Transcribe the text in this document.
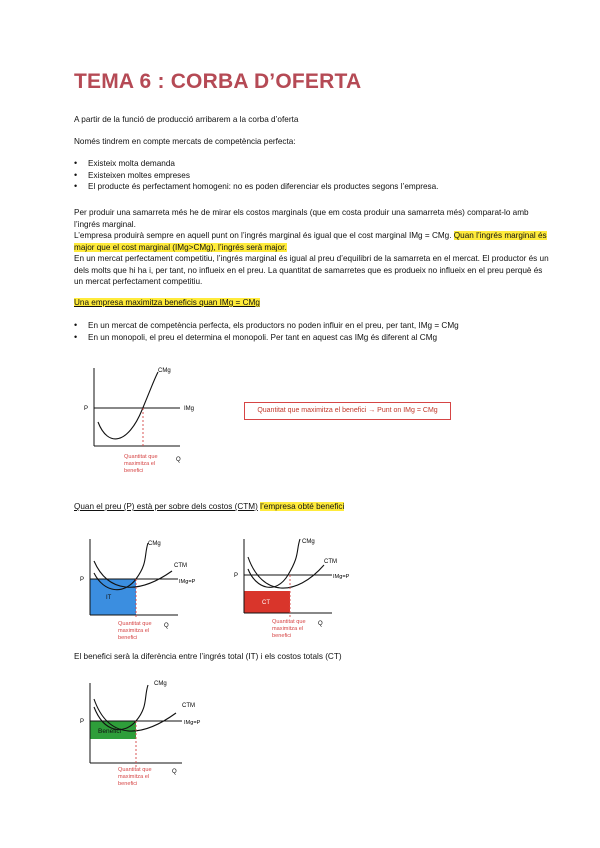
TEMA 6 : CORBA D’OFERTA
A partir de la funció de producció arribarem a la corba d’oferta
Només tindrem en compte mercats de competència perfecta:
• Existeix molta demanda
• Existeixen moltes empreses
• El producte és perfectament homogeni: no es poden diferenciar els productes segons l’empresa.
Per produir una samarreta més he de mirar els costos marginals (que em costa produir una samarreta més) comparat-lo amb l’ingrés marginal.
L’empresa produirà sempre en aquell punt on l’ingrés marginal és igual que el cost marginal IMg = CMg. Quan l’ingrés marginal és major que el cost marginal (IMg>CMg), l’ingrés serà major.
En un mercat perfectament competitiu, l’ingrés marginal és igual al preu d’equilibri de la samarreta en el mercat. El productor és un dels molts que hi ha i, per tant, no influeix en el preu. La quantitat de samarretes que es produeix no influeix en el preu perquè és un mercat perfectament competitiu.
Una empresa maximitza beneficis quan IMg = CMg
• En un mercat de competència perfecta, els productors no poden influir en el preu, per tant, IMg = CMg
• En un monopoli, el preu el determina el monopoli. Per tant en aquest cas IMg és diferent al CMg
CMg
P	IMg
Q
Quantitat que
maximitza el
benefici
Quantitat que maximitza el benefici → Punt on IMg = CMg
Quan el preu (P) està per sobre dels costos (CTM) l’empresa obté benefici
CMg
CTM
P	IMg=P
IT
Q
Quantitat que
maximitza el
benefici
CMg
CTM
P	IMg=P
CT
Q
Quantitat que
maximitza el
benefici
El benefici serà la diferència entre l’ingrés total (IT) i els costos totals (CT)
CMg
CTM
P	IMg=P
Benefici
Q
Quantitat que
maximitza el
benefici
